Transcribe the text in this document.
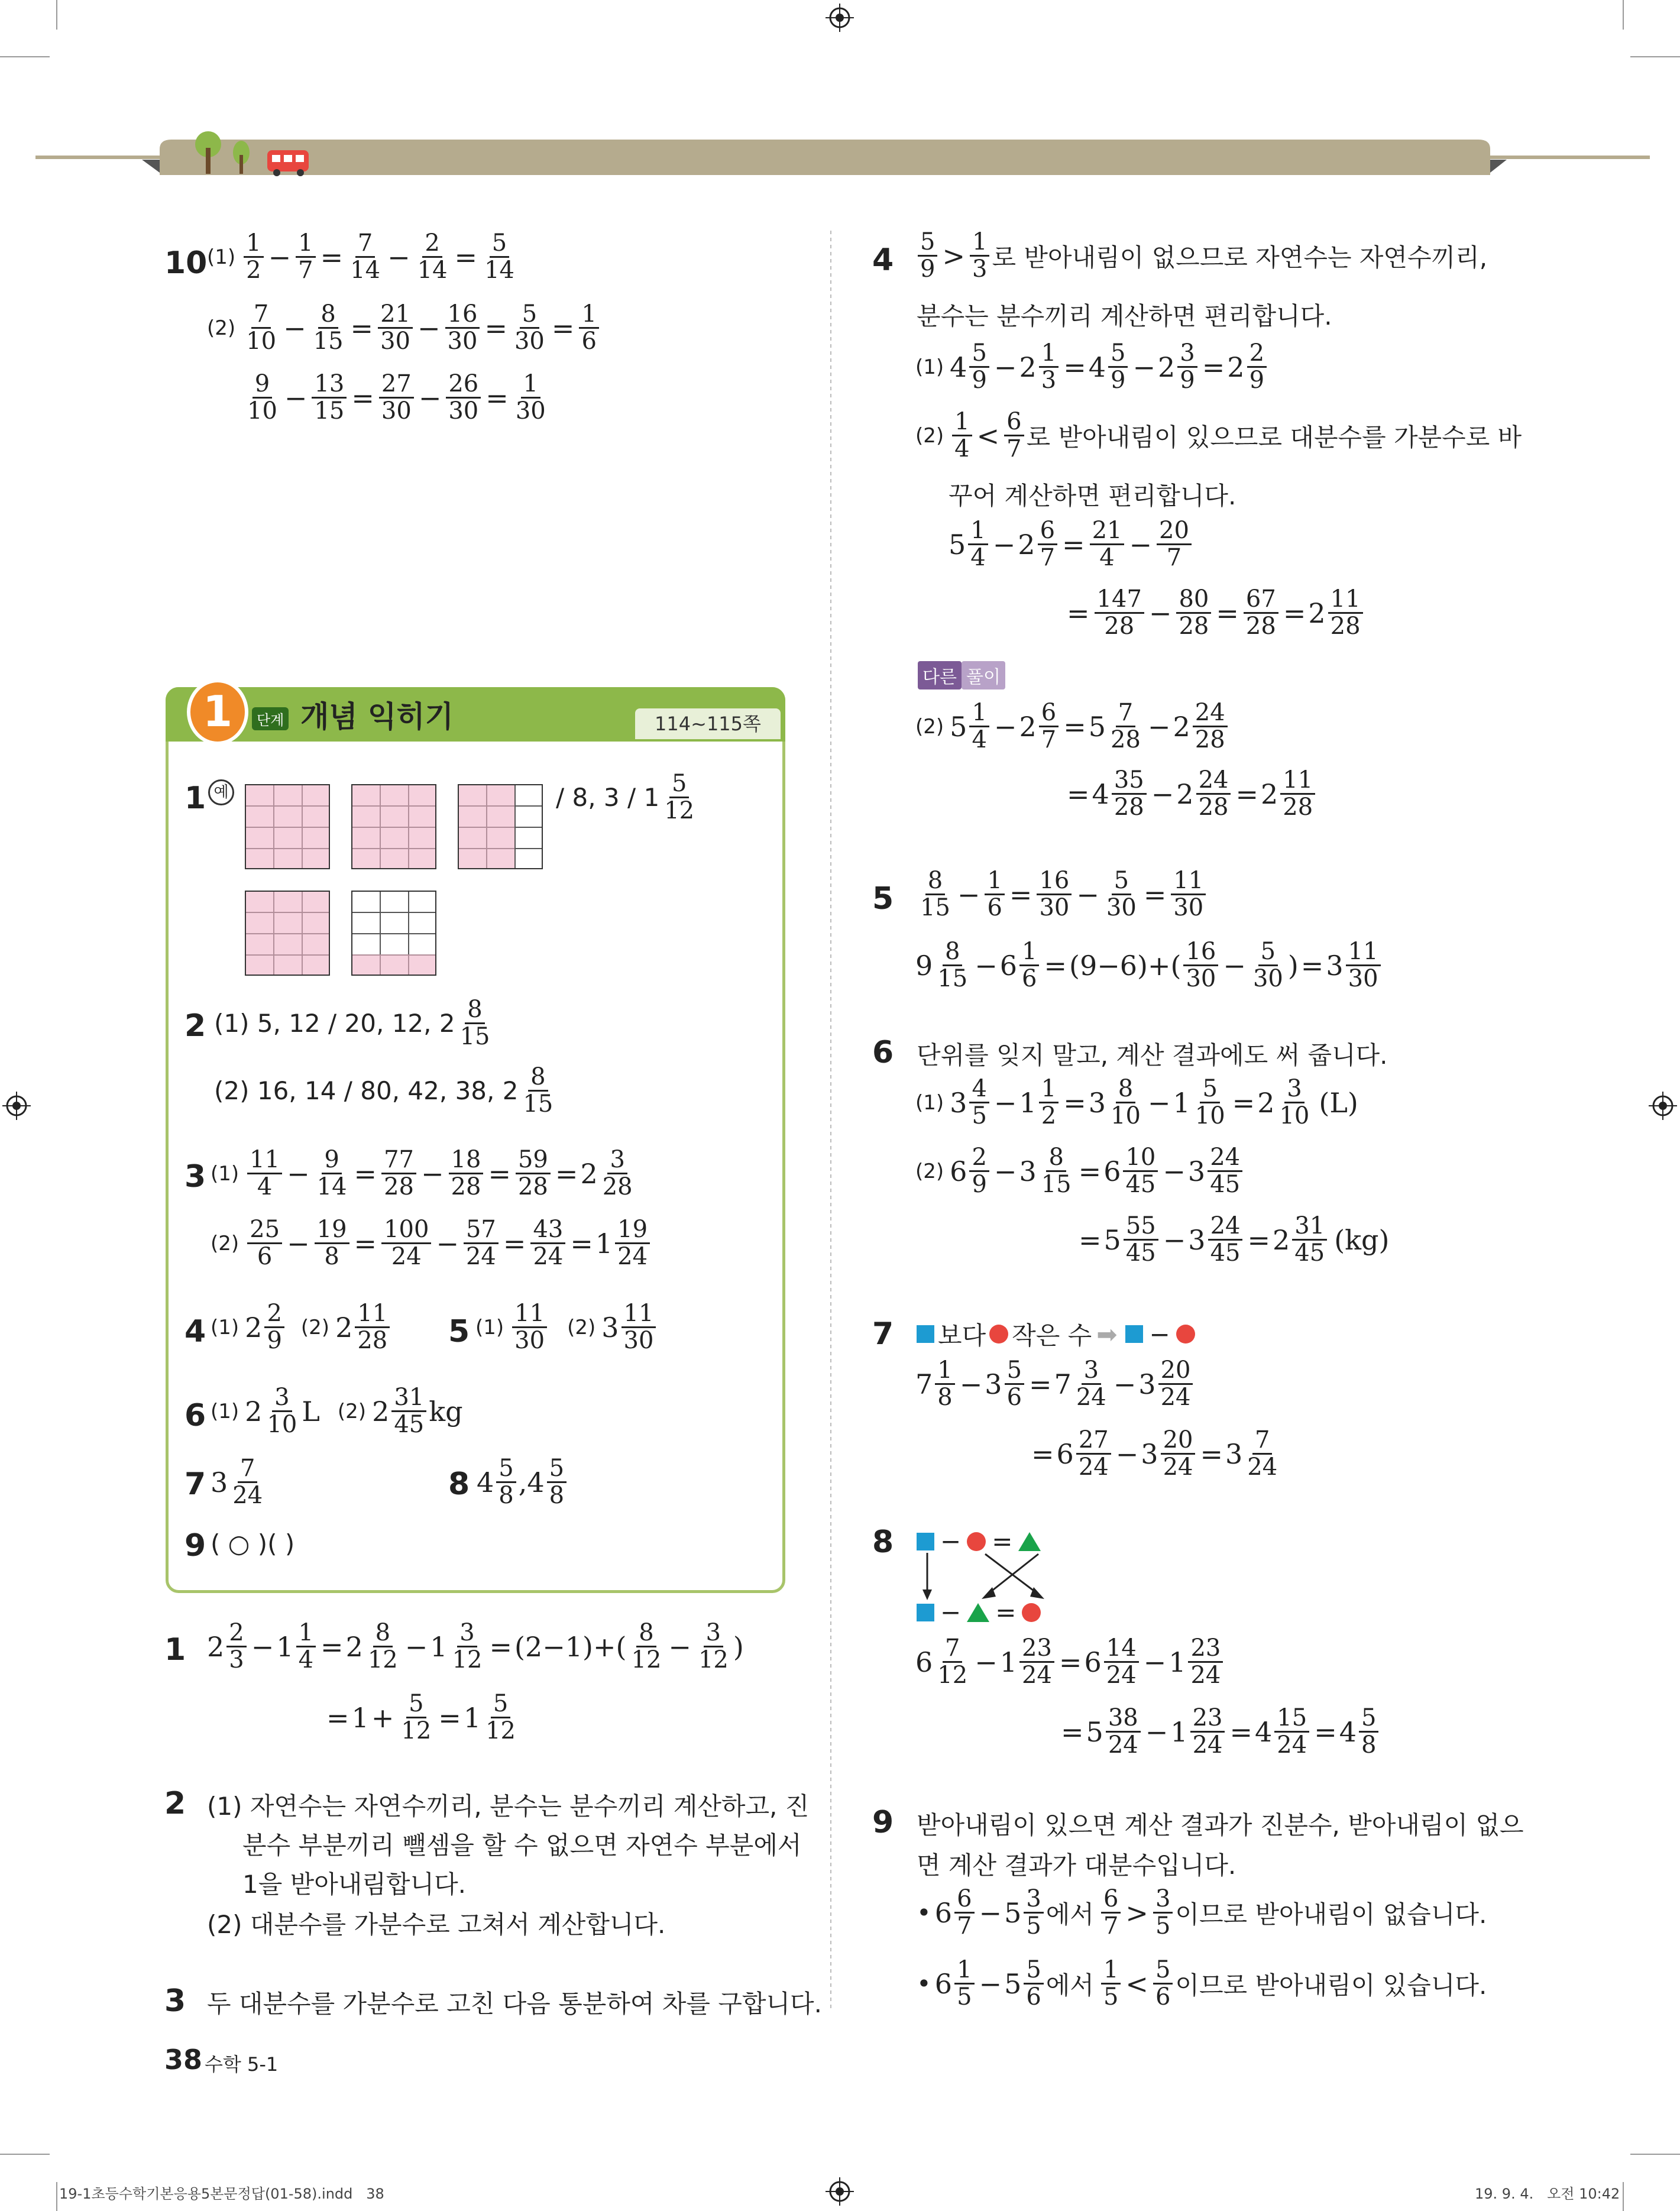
10 $(1) \frac{1}{2} - \frac{1}{7} = \frac{7}{14} - \frac{2}{14} = \frac{5}{14}$
$(2) \frac{7}{10} - \frac{8}{15} = \frac{21}{30} - \frac{16}{30} = \frac{5}{30} = \frac{1}{6}$
$\frac{9}{10} - \frac{13}{15} = \frac{27}{30} - \frac{26}{30} = \frac{1}{30}$
1	단계 개념 익히기	114~115쪽
1 예	/ 8, $3 / 1 \frac{5}{12}$
2 (1) 5, 12 / 20, 12, $2 \frac{8}{15}$
(2) 16, 14 / 80, 42, 38, $2 \frac{8}{15}$
3 $(1) \frac{11}{4} - \frac{9}{14} = \frac{77}{28} - \frac{18}{28} = \frac{59}{28} = 2 \frac{3}{28}$
$(2) \frac{25}{6} - \frac{19}{8} = \frac{100}{24} - \frac{57}{24} = \frac{43}{24} = 1 \frac{19}{24}$
4 (1) $2 \frac{2}{9} (2)$ $2 \frac{11}{28} 5$ $(1) \frac{11}{30} (2)$ $3 \frac{11}{30}$
6 (1) $2 \frac{3}{10}$ L (2) $2 \frac{31}{45}$ kg
7 $3 \frac{7}{24}$	8 $4 \frac{5}{8}$ , $4 \frac{5}{8}$
9 ( ○ )( )
1 $2 \frac{2}{3} - 1 \frac{1}{4} = 2 \frac{8}{12} - 1 \frac{3}{12} = (2-1)+( \frac{8}{12} - \frac{3}{12}$ )
= $1 + \frac{5}{12} = 1 \frac{5}{12}$
2 (1) 자연수는 자연수끼리, 분수는 분수끼리 계산하고, 진
분수 부분끼리 뺄셈을 할 수 없으면 자연수 부분에서
1을 받아내림합니다.
(2) 대분수를 가분수로 고쳐서 계산합니다.
3 두 대분수를 가분수로 고친 다음 통분하여 차를 구합니다.
38 수학 5-1
19-1초등수학기본응용5본문정답(01-58).indd   38	19. 9. 4.   오전 10:42
$4 \frac{5}{9} > \frac{1}{3}$ 로 받아내림이 없으므로 자연수는 자연수끼리,
분수는 분수끼리 계산하면 편리합니다.
(1) $4 \frac{5}{9} - 2 \frac{1}{3} = 4 \frac{5}{9} - 2 \frac{3}{9} = 2 \frac{2}{9}$
$(2) \frac{1}{4} < \frac{6}{7}$ 로 받아내림이 있으므로 대분수를 가분수로 바
꾸어 계산하면 편리합니다.
$5 \frac{1}{4} - 2 \frac{6}{7} = \frac{21}{4} - \frac{20}{7}$
= $\frac{147}{28} - \frac{80}{28} = \frac{67}{28} = 2 \frac{11}{28}$
다른 풀이
(2) $5 \frac{1}{4} - 2 \frac{6}{7} = 5 \frac{7}{28} - 2 \frac{24}{28}$
= $4 \frac{35}{28} - 2 \frac{24}{28} = 2 \frac{11}{28}$
$5 \frac{8}{15} - \frac{1}{6} = \frac{16}{30} - \frac{5}{30} = \frac{11}{30}$
$9 \frac{8}{15} - 6 \frac{1}{6} = (9-6)+( \frac{16}{30} - \frac{5}{30}$ ) = $3 \frac{11}{30}$
6 단위를 잊지 말고, 계산 결과에도 써 줍니다.
(1) $3 \frac{4}{5} - 1 \frac{1}{2} = 3 \frac{8}{10} - 1 \frac{5}{10} = 2 \frac{3}{10} (L)$
(2) $6 \frac{2}{9} - 3 \frac{8}{15} = 6 \frac{10}{45} - 3 \frac{24}{45}$
= $5 \frac{55}{45} - 3 \frac{24}{45} = 2 \frac{31}{45} (kg)$
7 보다 작은 수 ➡ −
$7 \frac{1}{8} - 3 \frac{5}{6} = 7 \frac{3}{24} - 3 \frac{20}{24}$
= $6 \frac{27}{24} - 3 \frac{20}{24} = 3 \frac{7}{24}$
8 − =
− =
$6 \frac{7}{12} - 1 \frac{23}{24} = 6 \frac{14}{24} - 1 \frac{23}{24}$
= $5 \frac{38}{24} - 1 \frac{23}{24} = 4 \frac{15}{24} = 4 \frac{5}{8}$
9 받아내림이 있으면 계산 결과가 진분수, 받아내림이 없으
면 계산 결과가 대분수입니다.
• $6 \frac{6}{7} - 5 \frac{3}{5}$ 에서 $\frac{6}{7} > \frac{3}{5}$ 이므로 받아내림이 없습니다.
• $6 \frac{1}{5} - 5 \frac{5}{6}$ 에서 $\frac{1}{5} < \frac{5}{6}$ 이므로 받아내림이 있습니다.
